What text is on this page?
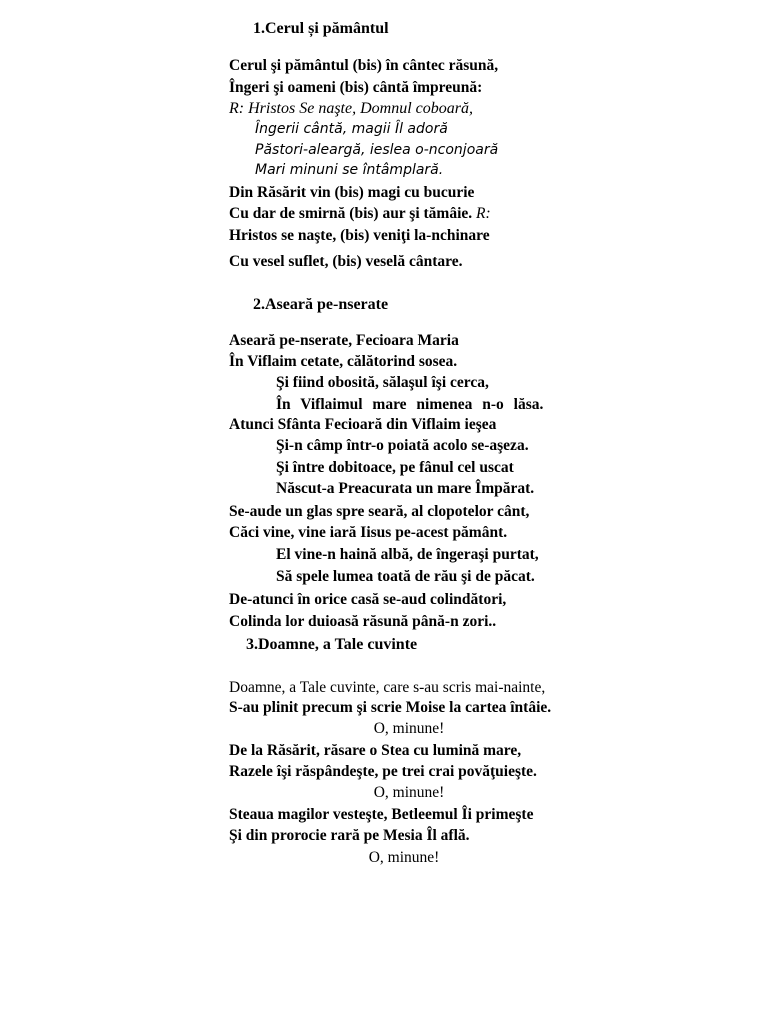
1.Cerul și pământul
Cerul şi pământul (bis) în cântec răsună,
Îngeri şi oameni (bis) cântă împreună:
R: Hristos Se naşte, Domnul coboară,
Îngerii cântă, magii Îl adoră
Păstori-aleargă, ieslea o-nconjoară
Mari minuni se întâmplară.
Din Răsărit vin (bis) magi cu bucurie
Cu dar de smirnă (bis) aur şi tămâie. R:
Hristos se naşte, (bis) veniţi la-nchinare
Cu vesel suflet, (bis) veselă cântare.
2.Aseară pe-nserate
Aseară pe-nserate, Fecioara Maria
În Viflaim cetate, călătorind sosea.
Şi fiind obosită, sălaşul îşi cerca,
În Viflaimul mare nimenea n-o lăsa.
Atunci Sfânta Fecioară din Viflaim ieşea
Şi-n câmp într-o poiată acolo se-aşeza.
Şi între dobitoace, pe fânul cel uscat
Născut-a Preacurata un mare Împărat.
Se-aude un glas spre seară, al clopotelor cânt,
Căci vine, vine iară Iisus pe-acest pământ.
El vine-n haină albă, de îngeraşi purtat,
Să spele lumea toată de rău şi de păcat.
De-atunci în orice casă se-aud colindători,
Colinda lor duioasă răsună până-n zori..
3.Doamne, a Tale cuvinte
Doamne, a Tale cuvinte, care s-au scris mai-nainte,
S-au plinit precum şi scrie Moise la cartea întâie.
O, minune!
De la Răsărit, răsare o Stea cu lumină mare,
Razele îşi răspândeşte, pe trei crai povăţuieşte.
O, minune!
Steaua magilor vesteşte, Betleemul Îi primeşte
Şi din prorocie rară pe Mesia Îl află.
O, minune!
